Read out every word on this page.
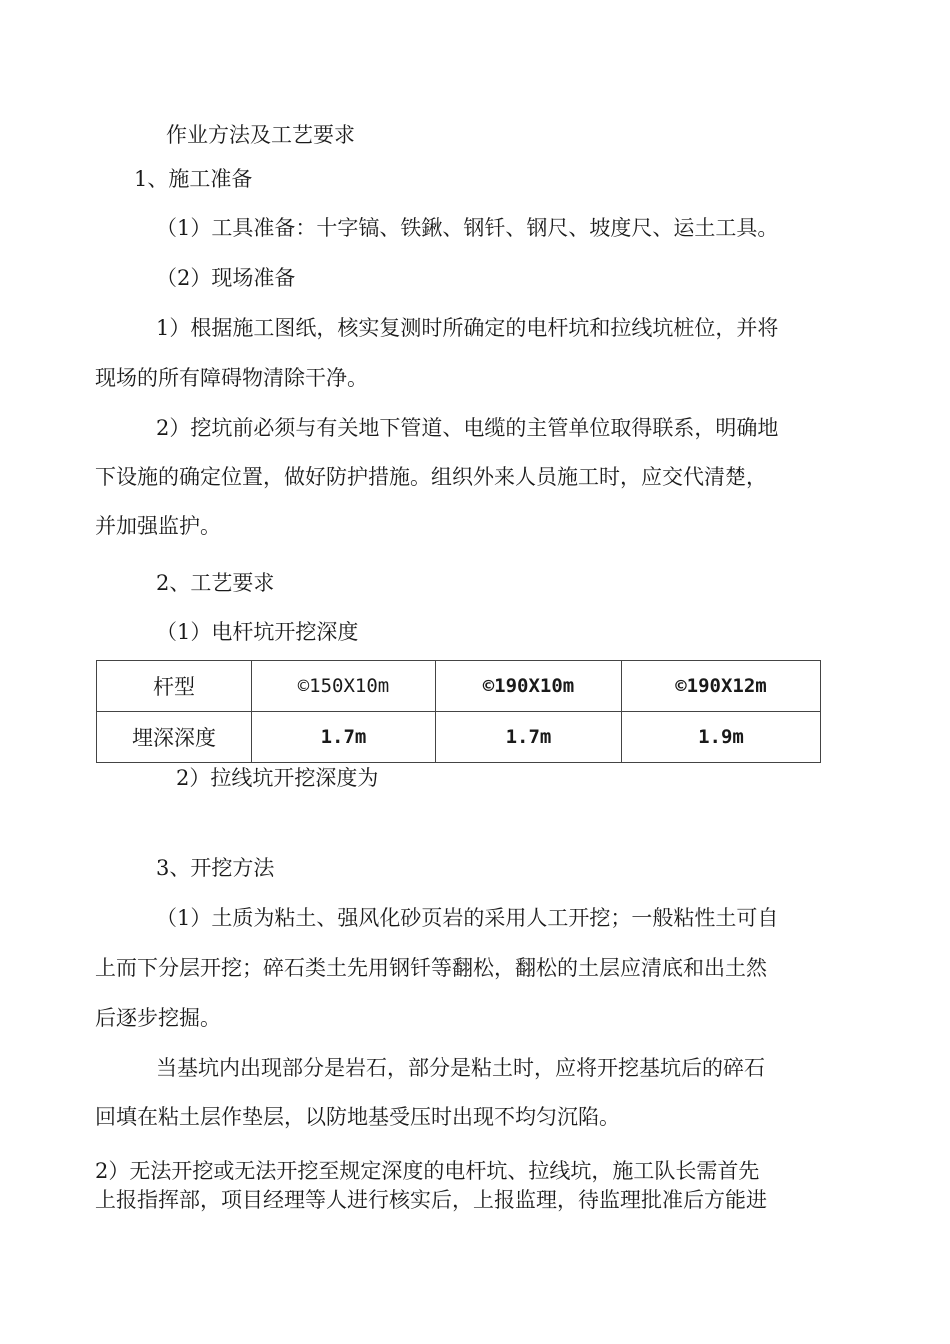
作业方法及工艺要求
1、施工准备
（1）工具准备：十字镐、铁鍬、钢钎、钢尺、坡度尺、运土工具。
（2）现场准备
1）根据施工图纸，核实复测时所确定的电杆坑和拉线坑桩位，并将
现场的所有障碍物清除干净。
2）挖坑前必须与有关地下管道、电缆的主管单位取得联系，明确地
下设施的确定位置，做好防护措施。组织外来人员施工时，应交代清楚，
并加强监护。
2、工艺要求
（1）电杆坑开挖深度
杆型	©150X10m	©190X10m	©190X12m
埋深深度	1.7m	1.7m	1.9m
2）拉线坑开挖深度为
3、开挖方法
（1）土质为粘土、强风化砂页岩的采用人工开挖；一般粘性土可自
上而下分层开挖；碎石类土先用钢钎等翻松，翻松的土层应清底和出土然
后逐步挖掘。
当基坑内出现部分是岩石，部分是粘土时，应将开挖基坑后的碎石
回填在粘土层作垫层，以防地基受压时出现不均匀沉陷。
2）无法开挖或无法开挖至规定深度的电杆坑、拉线坑，施工队长需首先
上报指挥部，项目经理等人进行核实后，上报监理，待监理批准后方能进
